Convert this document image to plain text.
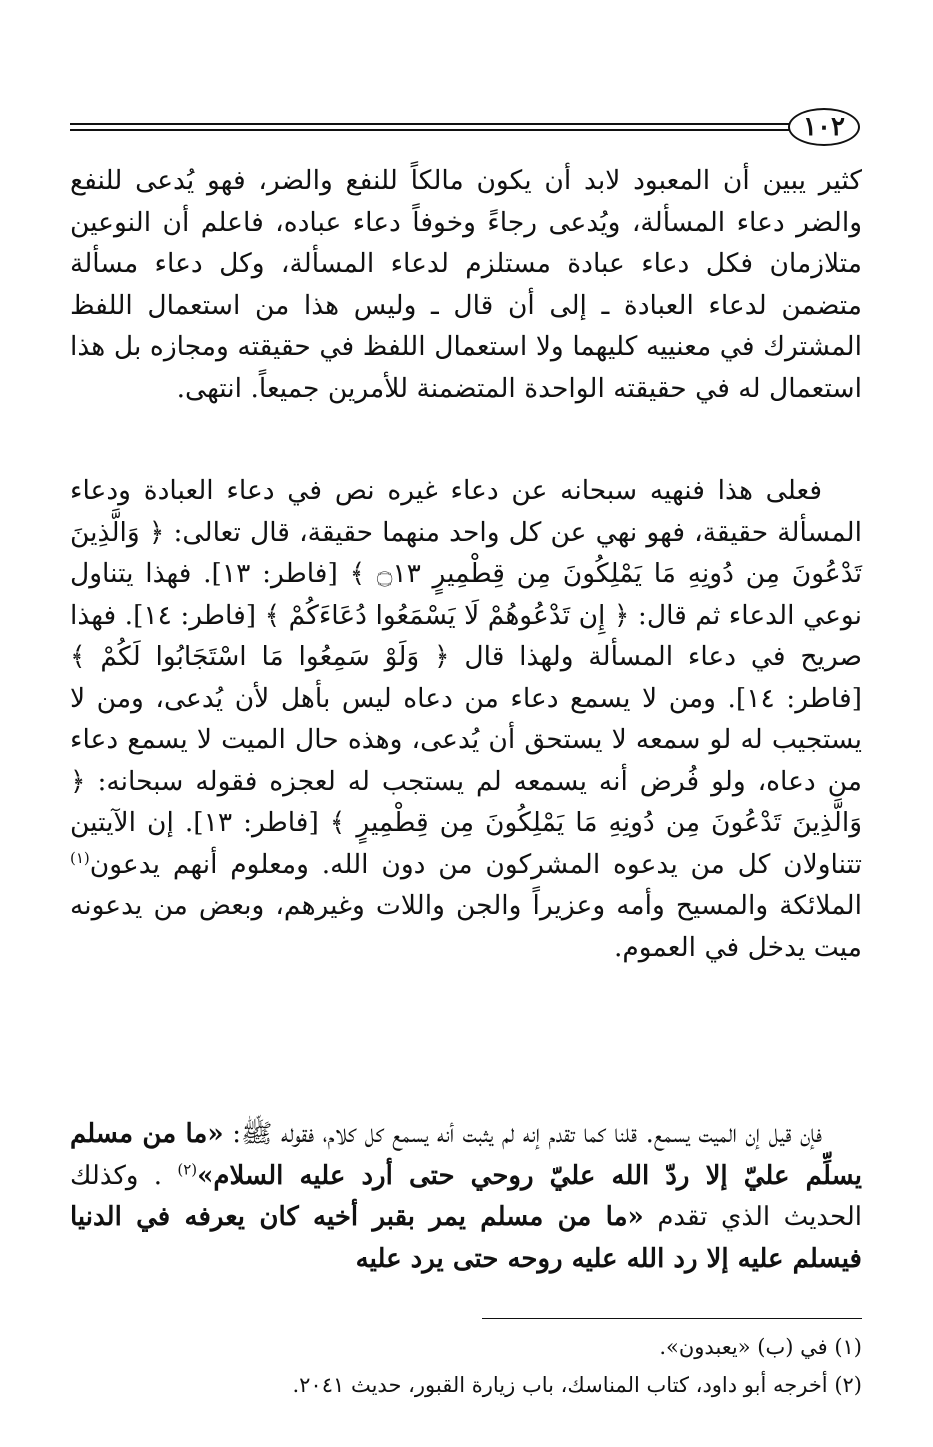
١٠٢

كثير يبين أن المعبود لابد أن يكون مالكاً للنفع والضر، فهو يُدعى للنفع والضر دعاء المسألة، ويُدعى رجاءً وخوفاً دعاء عباده، فاعلم أن النوعين متلازمان فكل دعاء عبادة مستلزم لدعاء المسألة، وكل دعاء مسألة متضمن لدعاء العبادة ـ إلى أن قال ـ وليس هذا من استعمال اللفظ المشترك في معنييه كليهما ولا استعمال اللفظ في حقيقته ومجازه بل هذا استعمال له في حقيقته الواحدة المتضمنة للأمرين جميعاً. انتهى.

فعلى هذا فنهيه سبحانه عن دعاء غيره نص في دعاء العبادة ودعاء المسألة حقيقة، فهو نهي عن كل واحد منهما حقيقة، قال تعالى: ﴿ وَالَّذِينَ تَدْعُونَ مِن دُونِهِ مَا يَمْلِكُونَ مِن قِطْمِيرٍ ۝١٣ ﴾ [فاطر: ١٣]. فهذا يتناول نوعي الدعاء ثم قال: ﴿ إِن تَدْعُوهُمْ لَا يَسْمَعُوا دُعَاءَكُمْ ﴾ [فاطر: ١٤]. فهذا صريح في دعاء المسألة ولهذا قال ﴿ وَلَوْ سَمِعُوا مَا اسْتَجَابُوا لَكُمْ ﴾ [فاطر: ١٤]. ومن لا يسمع دعاء من دعاه ليس بأهل لأن يُدعى، ومن لا يستجيب له لو سمعه لا يستحق أن يُدعى، وهذه حال الميت لا يسمع دعاء من دعاه، ولو فُرض أنه يسمعه لم يستجب له لعجزه فقوله سبحانه: ﴿ وَالَّذِينَ تَدْعُونَ مِن دُونِهِ مَا يَمْلِكُونَ مِن قِطْمِيرٍ ﴾ [فاطر: ١٣]. إن الآيتين تتناولان كل من يدعوه المشركون من دون الله. ومعلوم أنهم يدعون$^{(١)}$ الملائكة والمسيح وأمه وعزيراً والجن واللات وغيرهم، وبعض من يدعونه ميت يدخل في العموم.

فإن قيل إن الميت يسمع. قلنا كما تقدم إنه لم يثبت أنه يسمع كل كلام، فقوله ﷺ: «ما من مسلم يسلِّم عليّ إلا ردّ الله عليّ روحي حتى أرد عليه السلام»$^{(٢)}$ . وكذلك الحديث الذي تقدم «ما من مسلم يمر بقبر أخيه كان يعرفه في الدنيا فيسلم عليه إلا رد الله عليه روحه حتى يرد عليه

(١) في (ب) «يعبدون».

(٢) أخرجه أبو داود، كتاب المناسك، باب زيارة القبور، حديث ٢٠٤١.
